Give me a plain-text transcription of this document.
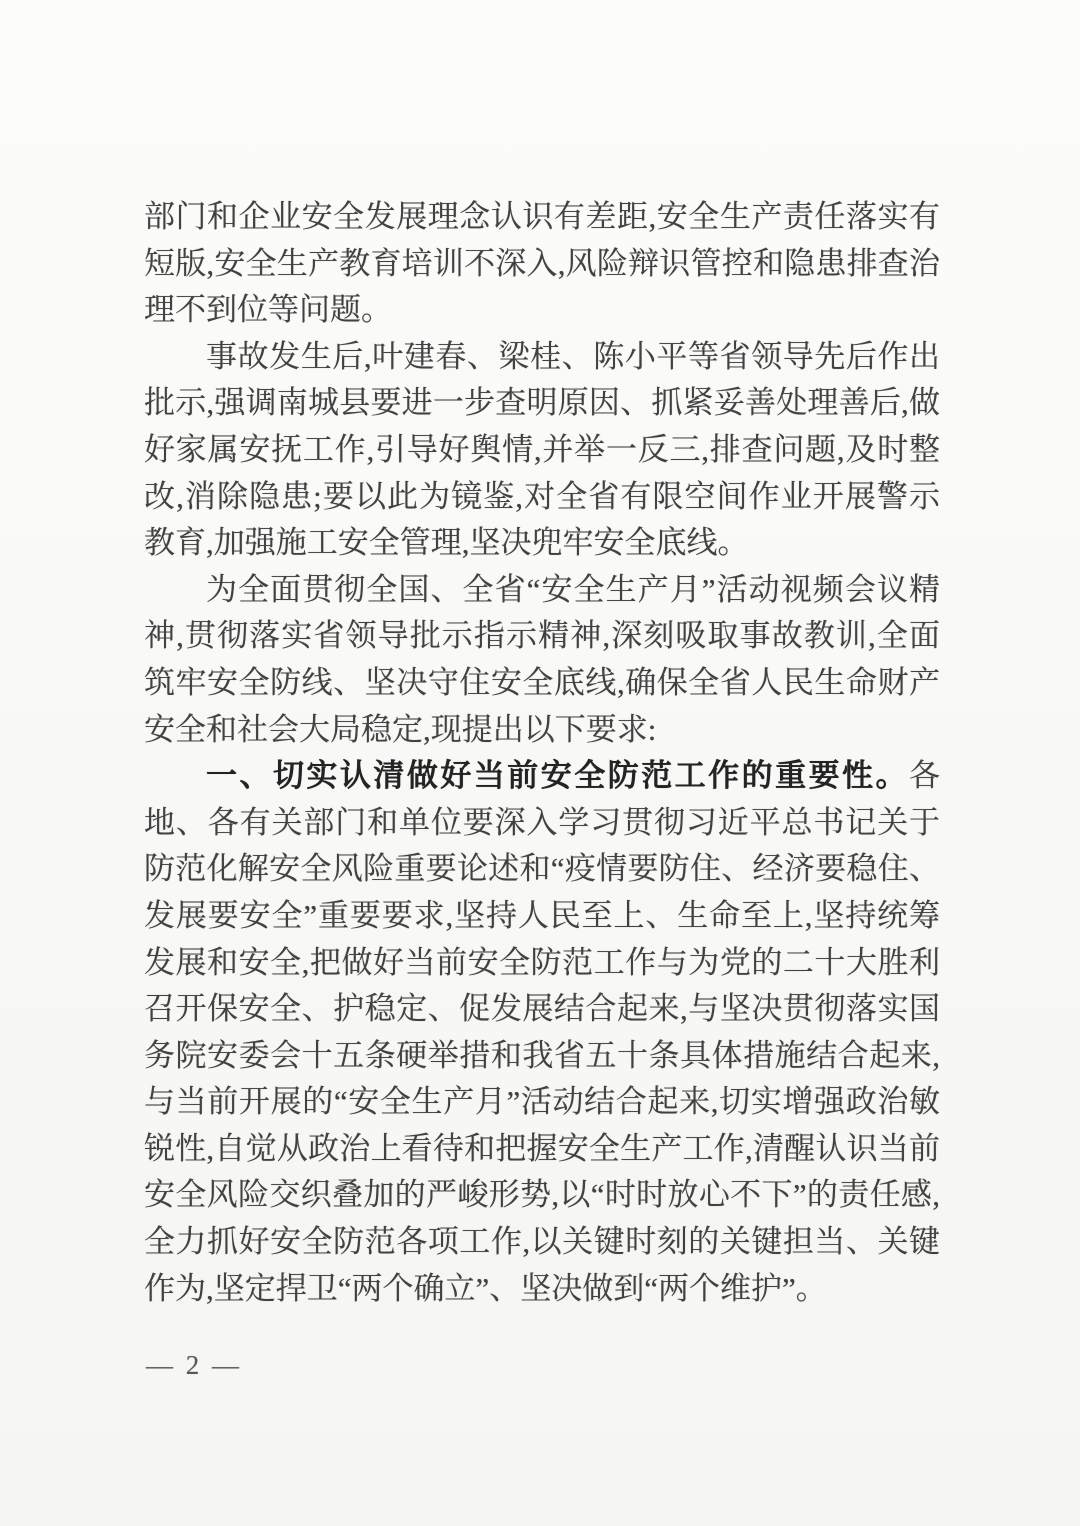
部门和企业安全发展理念认识有差距,安全生产责任落实有短版,安全生产教育培训不深入,风险辩识管控和隐患排查治理不到位等问题。

事故发生后,叶建春、梁桂、陈小平等省领导先后作出批示,强调南城县要进一步查明原因、抓紧妥善处理善后,做好家属安抚工作,引导好舆情,并举一反三,排查问题,及时整改,消除隐患;要以此为镜鉴,对全省有限空间作业开展警示教育,加强施工安全管理,坚决兜牢安全底线。

为全面贯彻全国、全省“安全生产月”活动视频会议精神,贯彻落实省领导批示指示精神,深刻吸取事故教训,全面筑牢安全防线、坚决守住安全底线,确保全省人民生命财产安全和社会大局稳定,现提出以下要求:

一、切实认清做好当前安全防范工作的重要性。各地、各有关部门和单位要深入学习贯彻习近平总书记关于防范化解安全风险重要论述和“疫情要防住、经济要稳住、发展要安全”重要要求,坚持人民至上、生命至上,坚持统筹发展和安全,把做好当前安全防范工作与为党的二十大胜利召开保安全、护稳定、促发展结合起来,与坚决贯彻落实国务院安委会十五条硬举措和我省五十条具体措施结合起来,与当前开展的“安全生产月”活动结合起来,切实增强政治敏锐性,自觉从政治上看待和把握安全生产工作,清醒认识当前安全风险交织叠加的严峻形势,以“时时放心不下”的责任感,全力抓好安全防范各项工作,以关键时刻的关键担当、关键作为,坚定捍卫“两个确立”、坚决做到“两个维护”。

— 2 —
